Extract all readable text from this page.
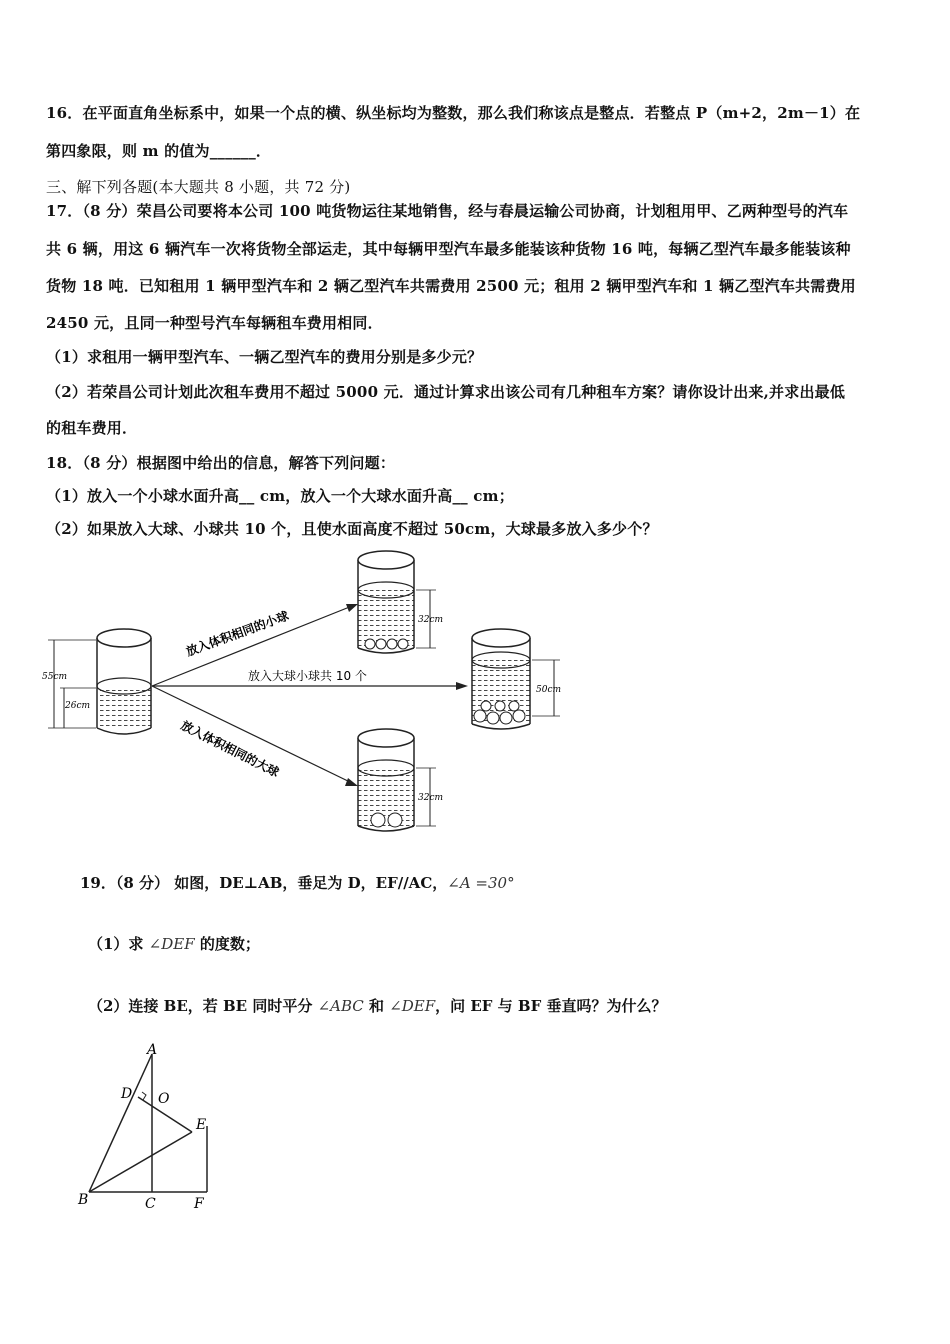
16．在平面直角坐标系中，如果一个点的横、纵坐标均为整数，那么我们称该点是整点．若整点 P（m+2，2m－1）在
第四象限，则 m 的值为______．
三、解下列各题(本大题共 8 小题，共 72 分)
17．（8 分）荣昌公司要将本公司 100 吨货物运往某地销售，经与春晨运输公司协商，计划租用甲、乙两种型号的汽车
共 6 辆，用这 6 辆汽车一次将货物全部运走，其中每辆甲型汽车最多能装该种货物 16 吨，每辆乙型汽车最多能装该种
货物 18 吨．已知租用 1 辆甲型汽车和 2 辆乙型汽车共需费用 2500 元；租用 2 辆甲型汽车和 1 辆乙型汽车共需费用
2450 元，且同一种型号汽车每辆租车费用相同．
（1）求租用一辆甲型汽车、一辆乙型汽车的费用分别是多少元？
（2）若荣昌公司计划此次租车费用不超过 5000 元．通过计算求出该公司有几种租车方案？请你设计出来,并求出最低
的租车费用．
18．（8 分）根据图中给出的信息，解答下列问题：
（1）放入一个小球水面升高__ cm，放入一个大球水面升高__ cm；
（2）如果放入大球、小球共 10 个，且使水面高度不超过 50cm，大球最多放入多少个？
55cm
26cm
放入体积相同的小球
放入大球小球共 10 个
放入体积相同的大球
32cm
32cm
50cm
19．（8 分） 如图，DE⊥AB，垂足为 D，EF//AC，∠A =30°
（1）求 ∠DEF 的度数；
（2）连接 BE，若 BE 同时平分 ∠ABC 和 ∠DEF，问 EF 与 BF 垂直吗？为什么？
A
D O
E
B	C	F
